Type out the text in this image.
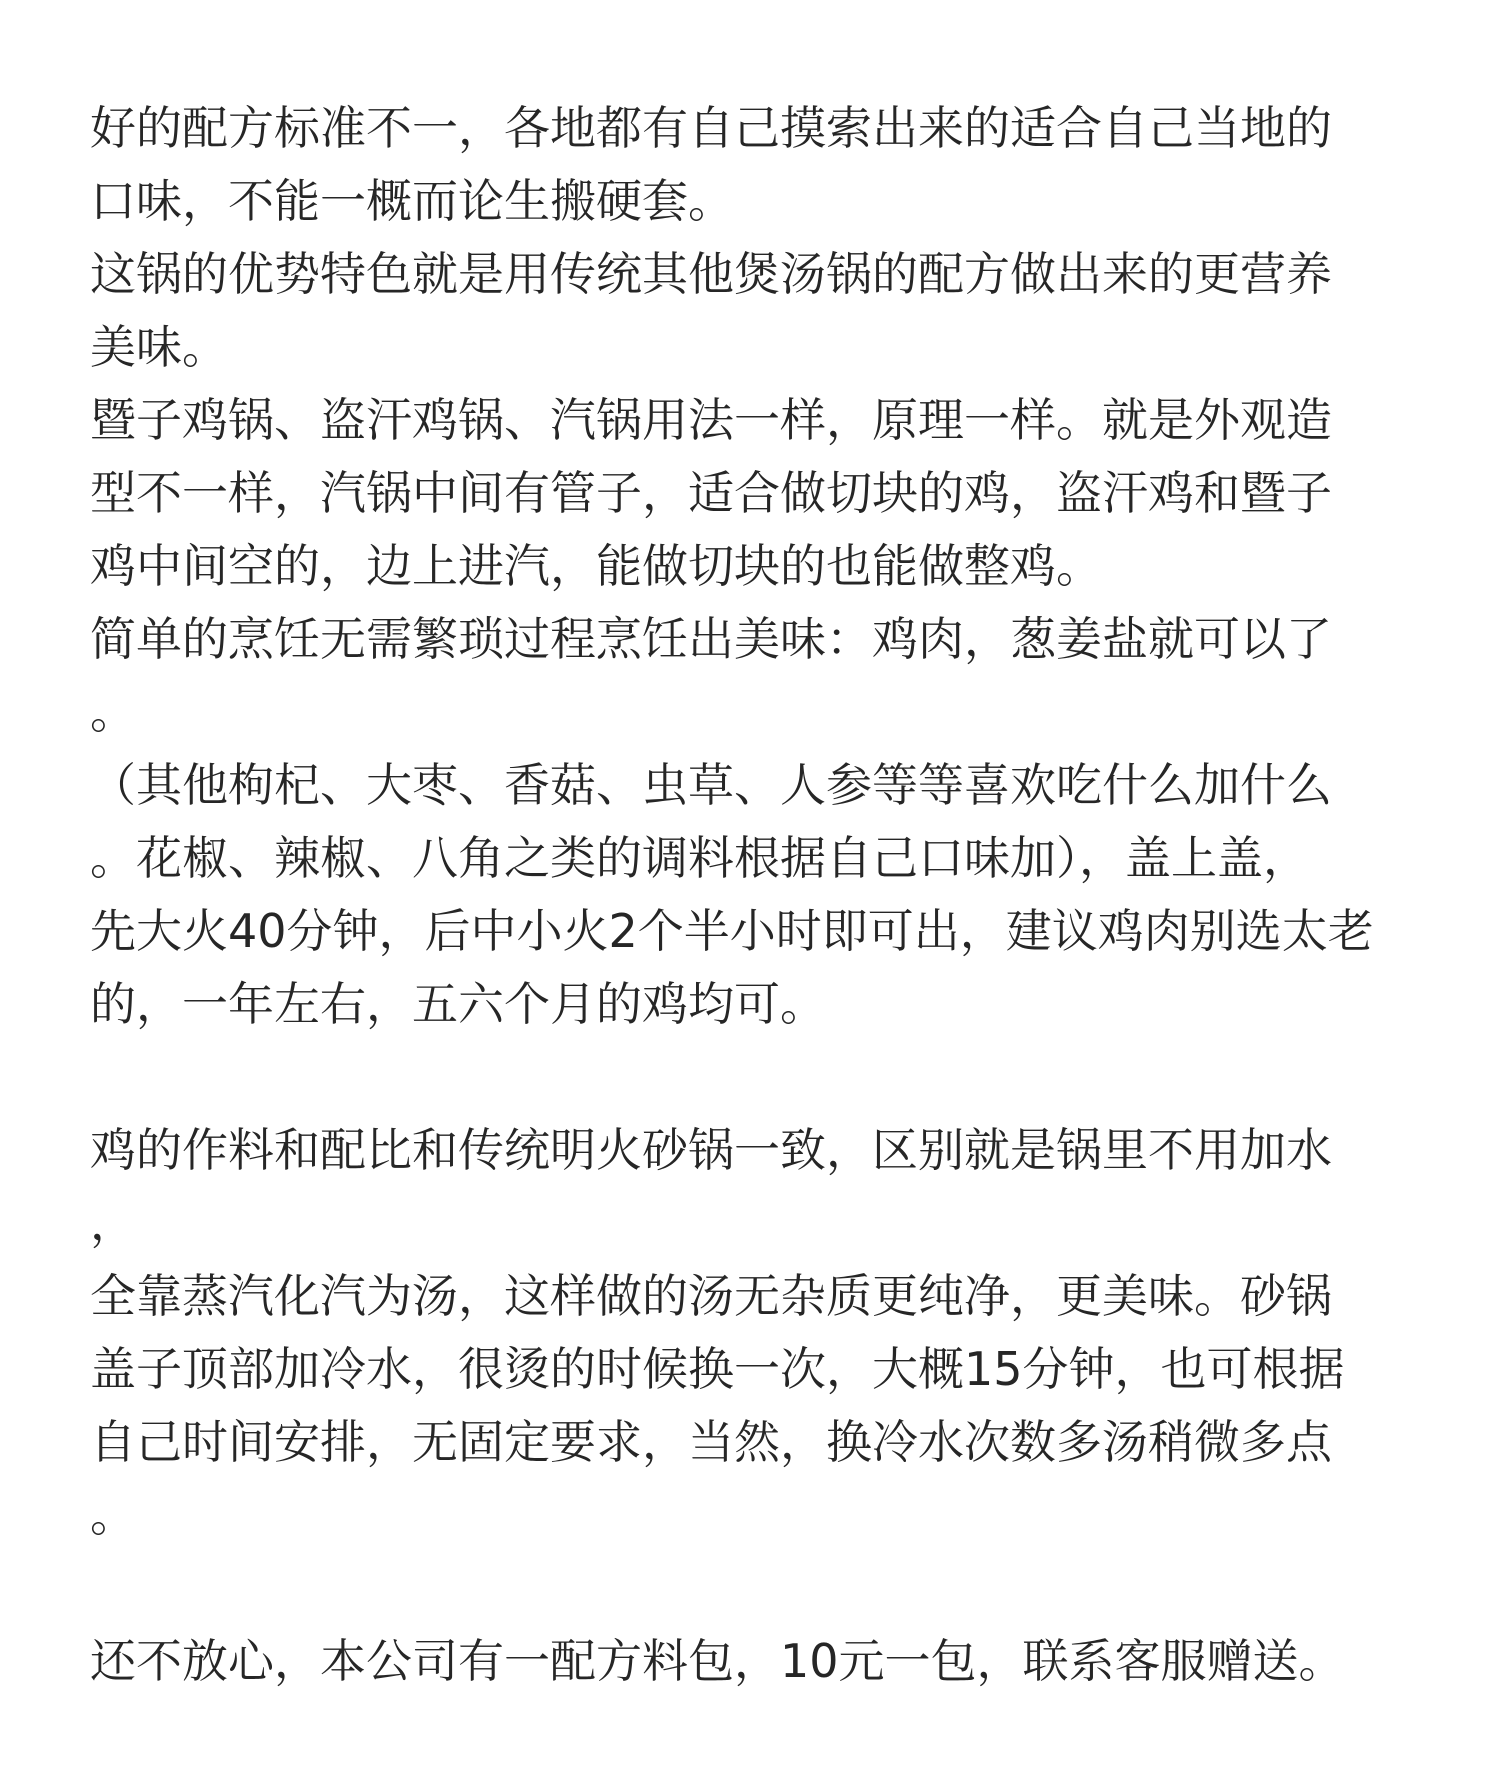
好的配方标准不一，各地都有自己摸索出来的适合自己当地的
口味，不能一概而论生搬硬套。
这锅的优势特色就是用传统其他煲汤锅的配方做出来的更营养
美味。
暨子鸡锅、盗汗鸡锅、汽锅用法一样，原理一样。就是外观造
型不一样，汽锅中间有管子，适合做切块的鸡，盗汗鸡和暨子
鸡中间空的，边上进汽，能做切块的也能做整鸡。
简单的烹饪无需繁琐过程烹饪出美味：鸡肉，葱姜盐就可以了
。
（其他枸杞、大枣、香菇、虫草、人参等等喜欢吃什么加什么
。花椒、辣椒、八角之类的调料根据自己口味加），盖上盖，
先大火40分钟，后中小火2个半小时即可出，建议鸡肉别选太老
的，一年左右，五六个月的鸡均可。
鸡的作料和配比和传统明火砂锅一致，区别就是锅里不用加水
，
全靠蒸汽化汽为汤，这样做的汤无杂质更纯净，更美味。砂锅
盖子顶部加冷水，很烫的时候换一次，大概15分钟，也可根据
自己时间安排，无固定要求，当然，换冷水次数多汤稍微多点
。
还不放心，本公司有一配方料包，10元一包，联系客服赠送。
